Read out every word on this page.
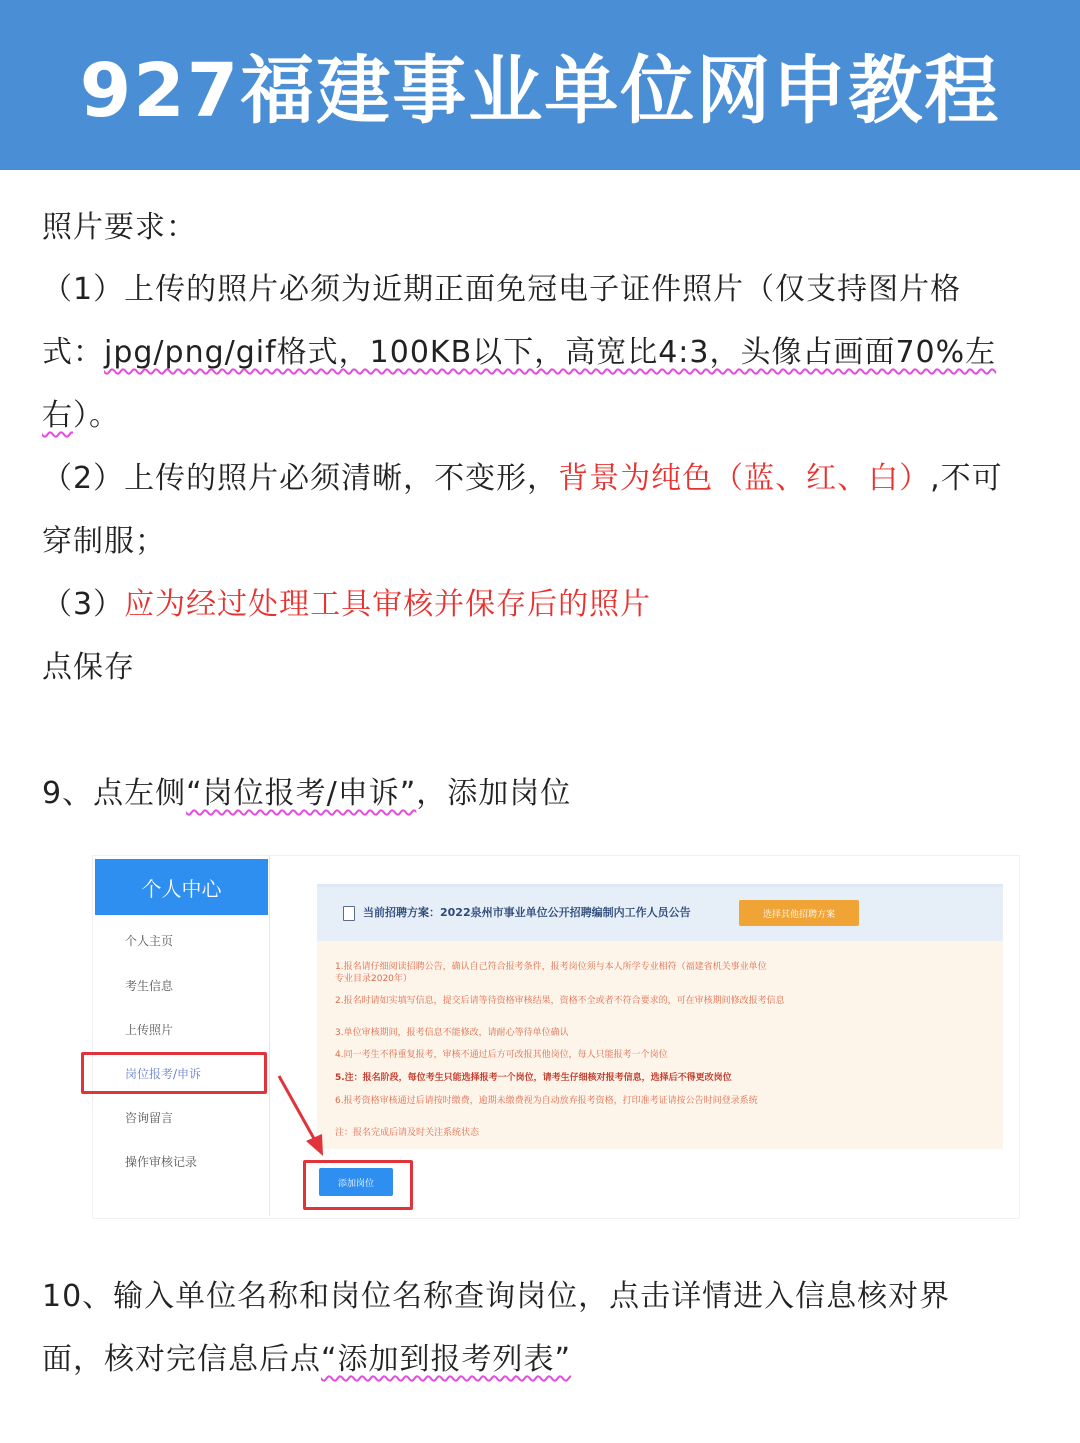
927福建事业单位网申教程
照片要求：
（1）上传的照片必须为近期正面免冠电子证件照片（仅支持图片格
式：jpg/png/gif格式，100KB以下，高宽比4:3，头像占画面70%左
右）。
（2）上传的照片必须清晰，不变形，背景为纯色（蓝、红、白）,不可
穿制服；
（3）应为经过处理工具审核并保存后的照片
点保存
9、点左侧“岗位报考/申诉”，添加岗位
个人中心
个人主页
考生信息
上传照片
岗位报考/申诉
咨询留言
操作审核记录
当前招聘方案：2022泉州市事业单位公开招聘编制内工作人员公告	选择其他招聘方案
1.报名请仔细阅读招聘公告，确认自己符合报考条件，报考岗位须与本人所学专业相符（福建省机关事业单位
专业目录2020年）
2.报名时请如实填写信息，提交后请等待资格审核结果，资格不全或者不符合要求的，可在审核期间修改报考信息
3.单位审核期间，报考信息不能修改，请耐心等待单位确认
4.同一考生不得重复报考，审核不通过后方可改报其他岗位，每人只能报考一个岗位
5.注：报名阶段，每位考生只能选择报考一个岗位，请考生仔细核对报考信息，选择后不得更改岗位
6.报考资格审核通过后请按时缴费，逾期未缴费视为自动放弃报考资格，打印准考证请按公告时间登录系统
注：报名完成后请及时关注系统状态
添加岗位
10、输入单位名称和岗位名称查询岗位，点击详情进入信息核对界
面，核对完信息后点“添加到报考列表”
